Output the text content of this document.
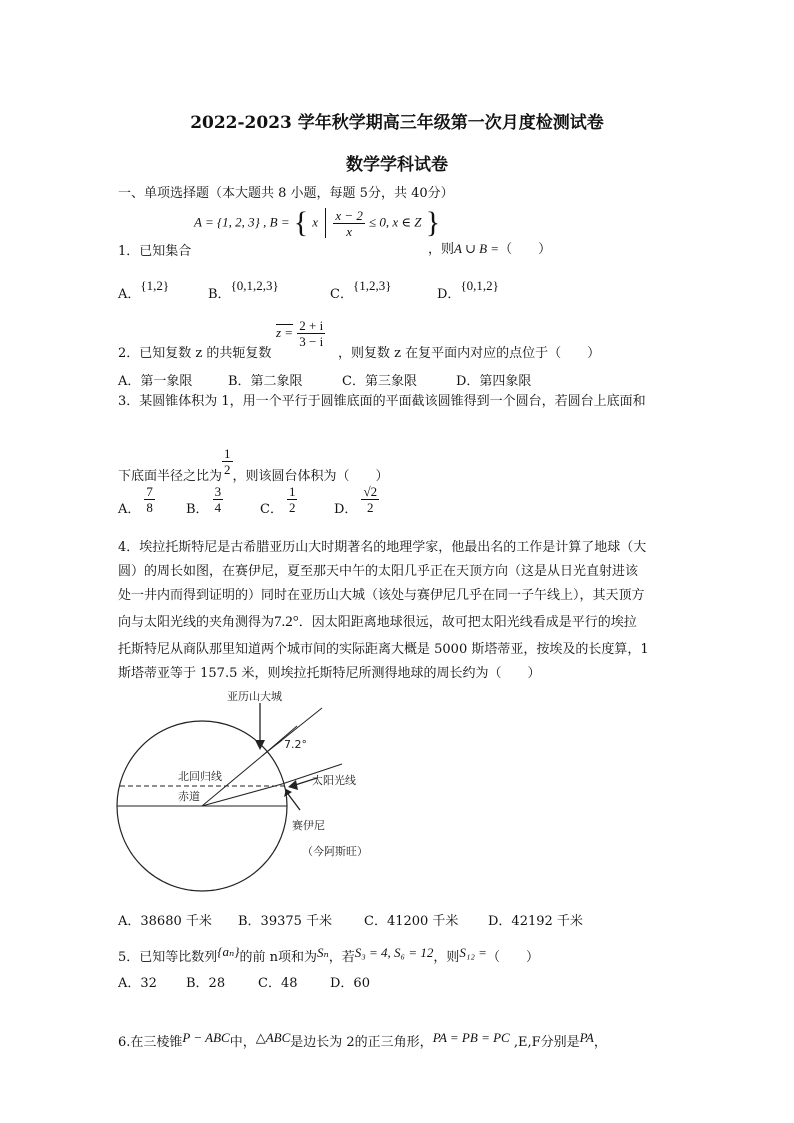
2022-2023 学年秋学期高三年级第一次月度检测试卷
数学学科试卷
一、单项选择题（本大题共 8 小题，每题 5分，共 40分）
A = {1, 2, 3} , B = { x $\frac{x - 2}{x} \le 0$, x ∈ Z }
1．已知集合	，则A ∪ B =（　　）
A．{1,2}
B．{0,1,2,3}
C．{1,2,3}
D．{0,1,2}
2．已知复数 z 的共轭复数
$z = \frac{2 + i}{3 - i}$
，则复数 z 在复平面内对应的点位于（　　）
A．第一象限	B．第二象限	C．第三象限	D．第四象限
3．某圆锥体积为 1，用一个平行于圆锥底面的平面截该圆锥得到一个圆台，若圆台上底面和
下底面半径之比为 $\frac{1}{2}$ ，则该圆台体积为（　　）
A． $\frac{7}{8}$ B． $\frac{3}{4}$	C． $\frac{1}{2}$	D． $\frac{√2}{2}$
4．埃拉托斯特尼是古希腊亚历山大时期著名的地理学家，他最出名的工作是计算了地球（大
圆）的周长如图，在赛伊尼，夏至那天中午的太阳几乎正在天顶方向（这是从日光直射进该
处一井内而得到证明的）同时在亚历山大城（该处与赛伊尼几乎在同一子午线上），其天顶方
向与太阳光线的夹角测得为7.2°．因太阳距离地球很远，故可把太阳光线看成是平行的埃拉
托斯特尼从商队那里知道两个城市间的实际距离大概是 5000 斯塔蒂亚，按埃及的长度算，1
斯塔蒂亚等于 157.5 米，则埃拉托斯特尼所测得地球的周长约为（　　）
亚历山大城
7.2°
北回归线	太阳光线
赤道
赛伊尼
（今阿斯旺）
A．38680 千米 B．39375 千米 C．41200 千米 D．42192 千米
5．已知等比数列{aₙ}的前 n项和为Sₙ，若S₃ = 4, S₆ = 12，则S₁₂ =（　　）
A．32 B．28	C．48	D．60
6.在三棱锥P − ABC中，△ABC是边长为 2的正三角形，PA = PB = PC ,E,F分别是PA，
